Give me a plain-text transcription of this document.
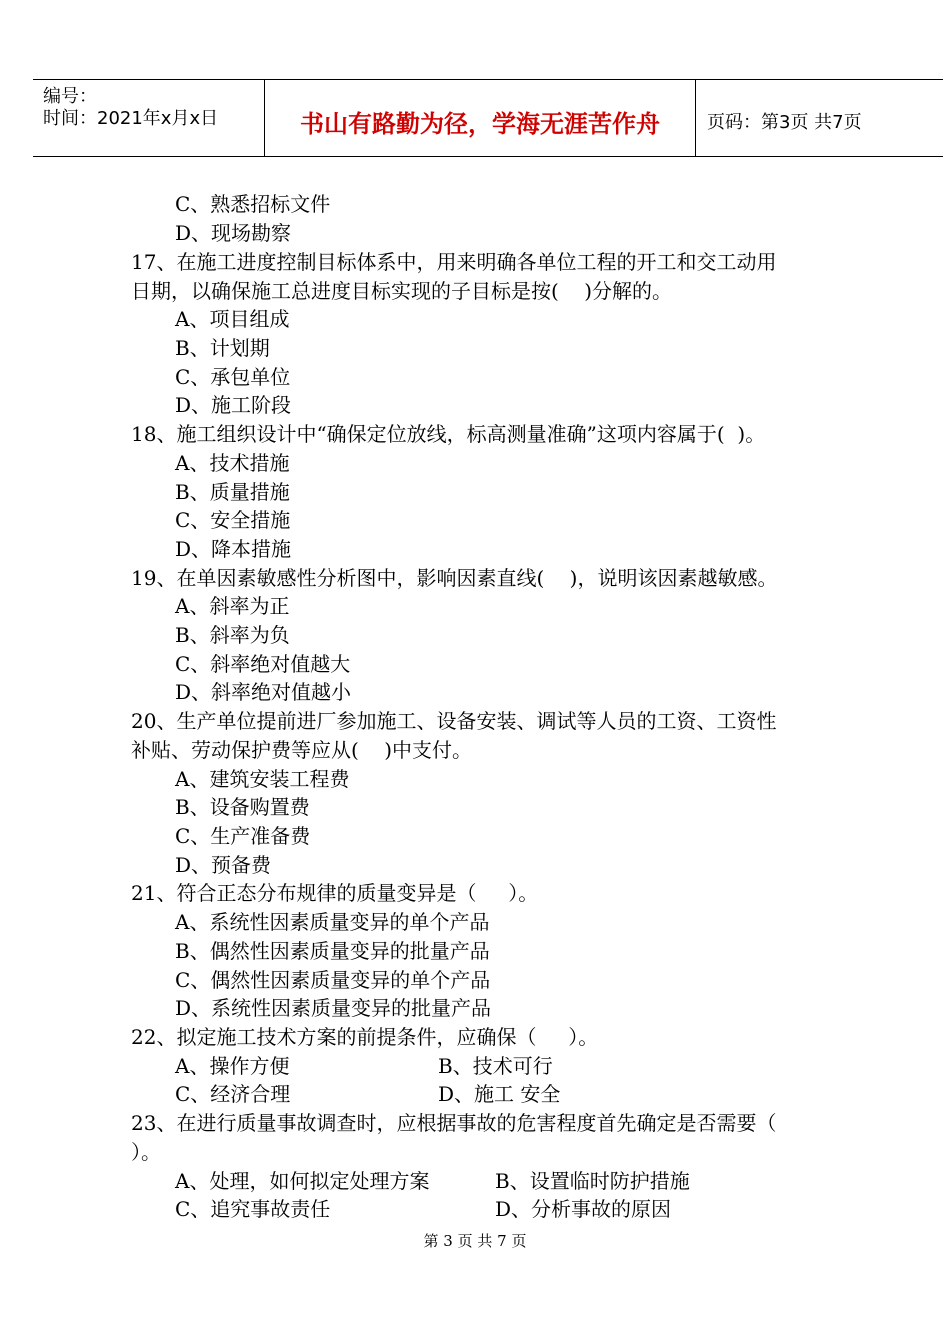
编号：
时间：2021年x月x日	书山有路勤为径，学海无涯苦作舟	页码：第3页 共7页
C、熟悉招标文件
D、现场勘察
17、在施工进度控制目标体系中，用来明确各单位工程的开工和交工动用
日期，以确保施工总进度目标实现的子目标是按(    )分解的。
A、项目组成
B、计划期
C、承包单位
D、施工阶段
18、施工组织设计中“确保定位放线，标高测量准确”这项内容属于(  )。
A、技术措施
B、质量措施
C、安全措施
D、降本措施
19、在单因素敏感性分析图中，影响因素直线(    )，说明该因素越敏感。
A、斜率为正
B、斜率为负
C、斜率绝对值越大
D、斜率绝对值越小
20、生产单位提前进厂参加施工、设备安装、调试等人员的工资、工资性
补贴、劳动保护费等应从(    )中支付。
A、建筑安装工程费
B、设备购置费
C、生产准备费
D、预备费
21、符合正态分布规律的质量变异是（     ）。
A、系统性因素质量变异的单个产品
B、偶然性因素质量变异的批量产品
C、偶然性因素质量变异的单个产品
D、系统性因素质量变异的批量产品
22、拟定施工技术方案的前提条件，应确保（     ）。
A、操作方便	B、技术可行
C、经济合理	D、施工 安全
23、在进行质量事故调查时，应根据事故的危害程度首先确定是否需要（
）。
A、处理，如何拟定处理方案	B、设置临时防护措施
C、追究事故责任	D、分析事故的原因
第 3 页 共 7 页
